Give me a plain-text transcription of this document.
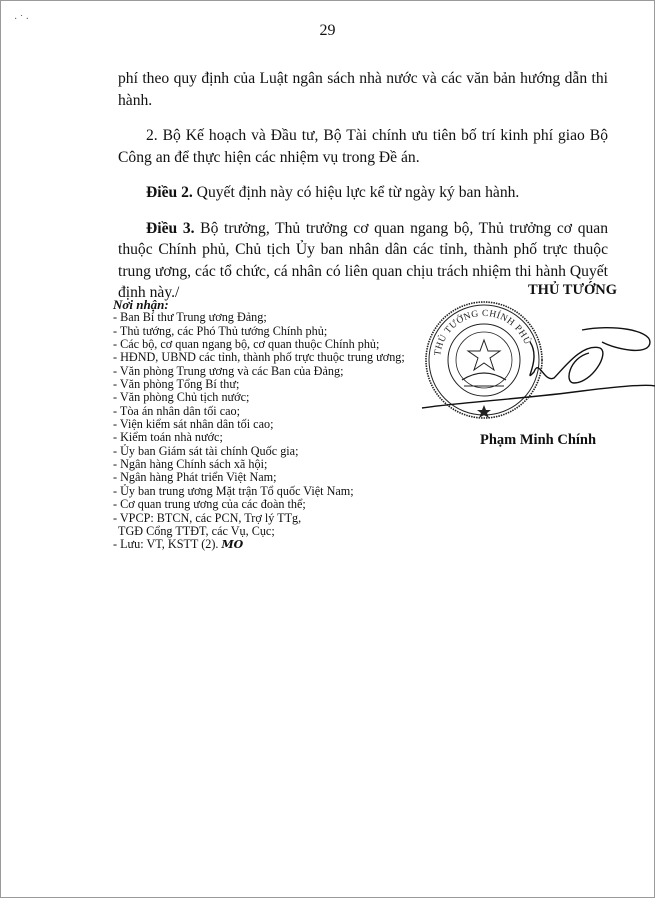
· ˙ ·
29

phí theo quy định của Luật ngân sách nhà nước và các văn bản hướng dẫn thi hành.

2. Bộ Kế hoạch và Đầu tư, Bộ Tài chính ưu tiên bố trí kinh phí giao Bộ Công an để thực hiện các nhiệm vụ trong Đề án.

Điều 2. Quyết định này có hiệu lực kể từ ngày ký ban hành.

Điều 3. Bộ trưởng, Thủ trưởng cơ quan ngang bộ, Thủ trưởng cơ quan thuộc Chính phủ, Chủ tịch Ủy ban nhân dân các tỉnh, thành phố trực thuộc trung ương, các tổ chức, cá nhân có liên quan chịu trách nhiệm thi hành Quyết định này./

Nơi nhận:
- Ban Bí thư Trung ương Đảng;
- Thủ tướng, các Phó Thủ tướng Chính phủ;
- Các bộ, cơ quan ngang bộ, cơ quan thuộc Chính phủ;
- HĐND, UBND các tỉnh, thành phố trực thuộc trung ương;
- Văn phòng Trung ương và các Ban của Đảng;
- Văn phòng Tổng Bí thư;
- Văn phòng Chủ tịch nước;
- Tòa án nhân dân tối cao;
- Viện kiểm sát nhân dân tối cao;
- Kiểm toán nhà nước;
- Ủy ban Giám sát tài chính Quốc gia;
- Ngân hàng Chính sách xã hội;
- Ngân hàng Phát triển Việt Nam;
- Ủy ban trung ương Mặt trận Tổ quốc Việt Nam;
- Cơ quan trung ương của các đoàn thể;
- VPCP: BTCN, các PCN, Trợ lý TTg,
TGĐ Cổng TTĐT, các Vụ, Cục;
- Lưu: VT, KSTT (2). MO
THỦ TƯỚNG CHÍNH PHỦ
THỦ TƯỚNG
Phạm Minh Chính
